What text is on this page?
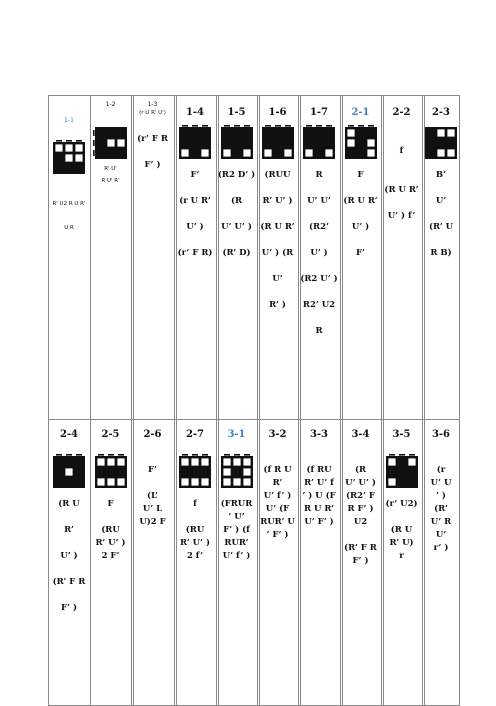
1-1
R' U2 R U R'
U R
1-2
R U' U'
R' U'
R U' R'
1-3
(r U R' U')
(r’ F R
F’ )
1-4
F’
(r U R’
U’ )
(r’ F R)
1-5
(R2 D’ )
(R
U’ U’ )
(R’ D)
1-6
(RUU
R’ U’ )
(R U R’
U’ ) (R
U’
R’ )
1-7
R
U’ U’
(R2’
U’ )
(R2 U’ )
R2’ U2
R
2-1
F
(R U R’
U’ )
F’
2-2
f
(R U R’
U’ ) f’
2-3
B’
U’
(R’ U
R B)
2-4
(R U
R’
U’ )
(R’ F R
F’ )
2-5
F
(RU
R’ U’ )
2 F’
2-6
F’
(L’
U’ L
U)2 F
2-7
f
(RU
R’ U’ )
2 f’
3-1
(FRUR
’ U’
F’ ) (f
RUR’
U’ f’ )
3-2
(f R U
R’
U’ f’ )
U’ (F
RUR’ U
’ F’ )
3-3
(f RU
R’ U’ f
’ ) U (F
R U R’
U’ F’ )
3-4
(R
U’ U’ )
(R2’ F
R F’ )
U2
(R’ F R
F’ )
3-5
(r’ U2)
(R U
R’ U)
r
3-6
(r
U’ U
’ )
(R’
U’ R
U’
r’ )
